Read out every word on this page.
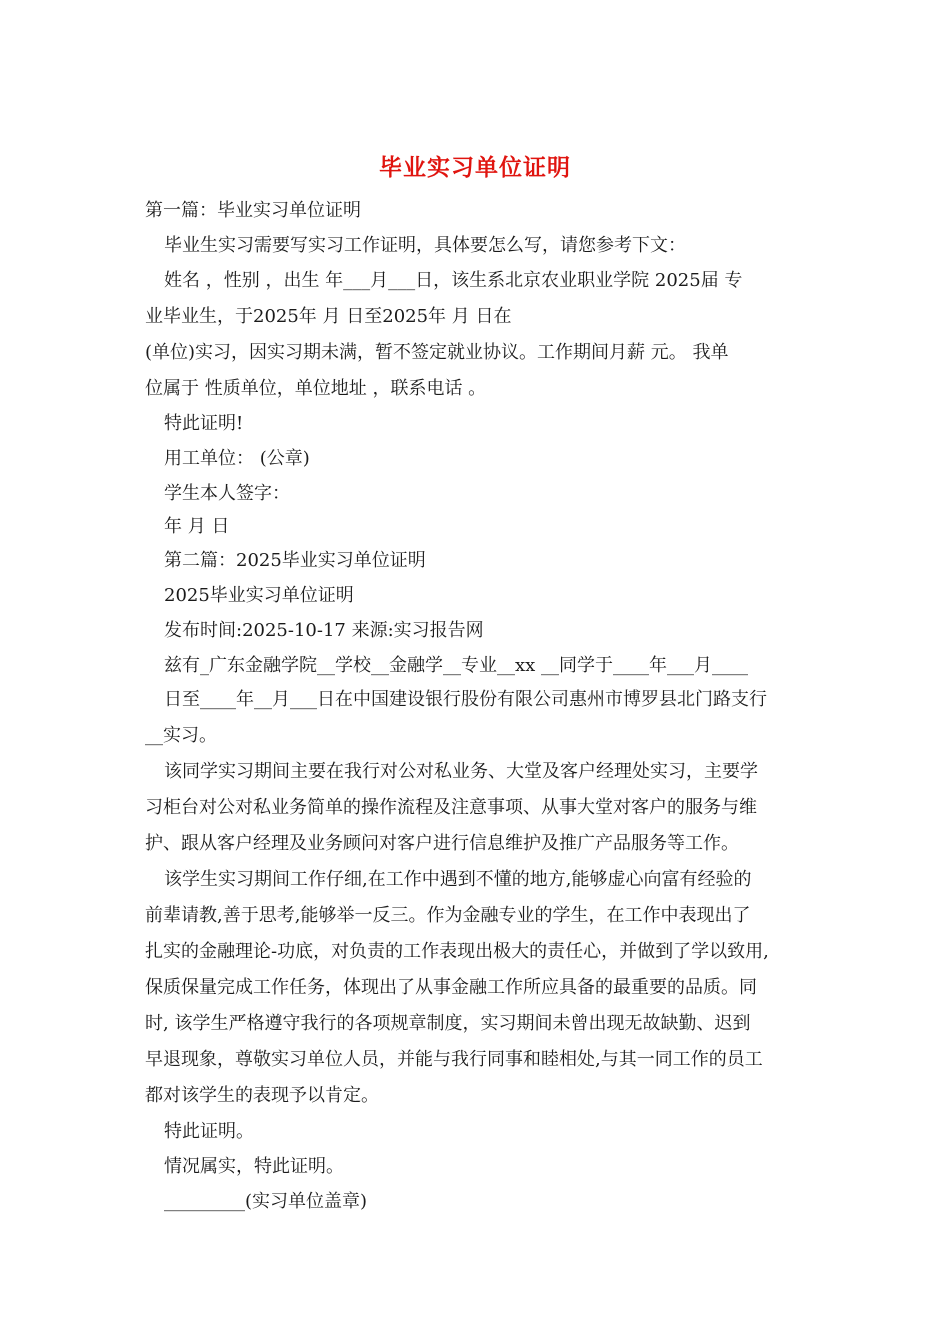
毕业实习单位证明
第一篇：毕业实习单位证明
毕业生实习需要写实习工作证明，具体要怎么写，请您参考下文：
姓名 ，性别 ，出生 年___月___日，该生系北京农业职业学院 2025届 专
业毕业生，于2025年 月 日至2025年 月 日在
(单位)实习，因实习期未满，暂不签定就业协议。工作期间月薪 元。 我单
位属于 性质单位，单位地址 ，联系电话 。
特此证明!
用工单位： (公章)
学生本人签字：
年 月 日
第二篇：2025毕业实习单位证明
2025毕业实习单位证明
发布时间:2025-10-17 来源:实习报告网
兹有_广东金融学院__学校__金融学__专业__xx __同学于____年___月____
日至____年__月___日在中国建设银行股份有限公司惠州市博罗县北门路支行
__实习。
该同学实习期间主要在我行对公对私业务、大堂及客户经理处实习，主要学
习柜台对公对私业务简单的操作流程及注意事项、从事大堂对客户的服务与维
护、跟从客户经理及业务顾问对客户进行信息维护及推广产品服务等工作。
该学生实习期间工作仔细,在工作中遇到不懂的地方,能够虚心向富有经验的
前辈请教,善于思考,能够举一反三。作为金融专业的学生，在工作中表现出了
扎实的金融理论-功底，对负责的工作表现出极大的责任心，并做到了学以致用,
保质保量完成工作任务，体现出了从事金融工作所应具备的最重要的品质。同
时, 该学生严格遵守我行的各项规章制度，实习期间未曾出现无故缺勤、迟到
早退现象，尊敬实习单位人员，并能与我行同事和睦相处,与其一同工作的员工
都对该学生的表现予以肯定。
特此证明。
情况属实，特此证明。
_________(实习单位盖章)
